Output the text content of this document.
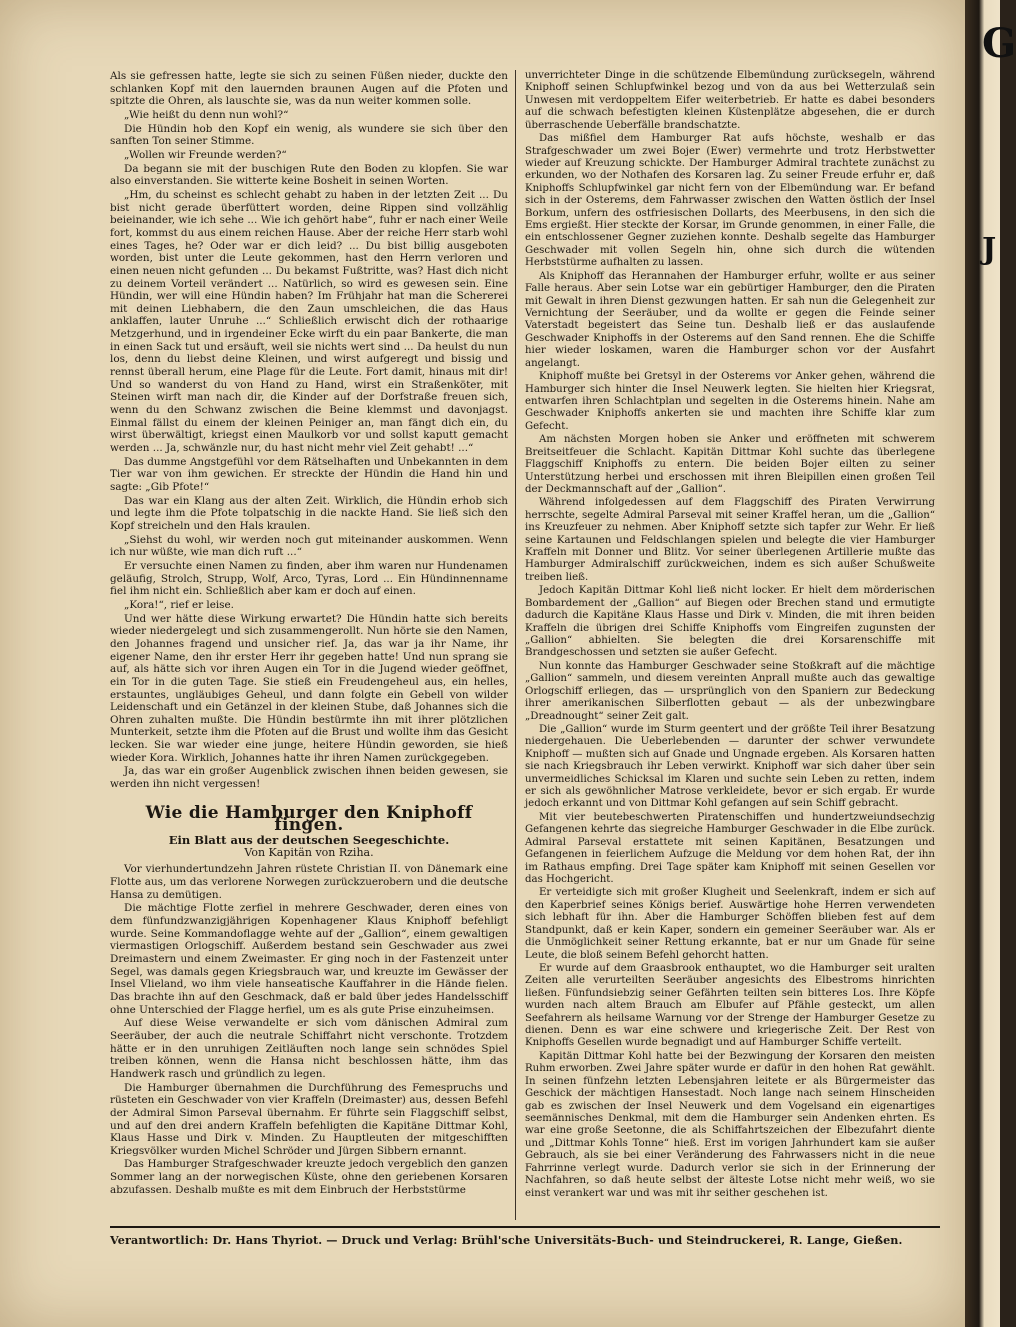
Als sie gefressen hatte, legte sie sich zu seinen Füßen nieder, duckte den schlanken Kopf mit den lauernden braunen Augen auf die Pfoten und spitzte die Ohren, als lauschte sie, was da nun weiter kommen solle.

„Wie heißt du denn nun wohl?“

Die Hündin hob den Kopf ein wenig, als wundere sie sich über den sanften Ton seiner Stimme.

„Wollen wir Freunde werden?“

Da begann sie mit der buschigen Rute den Boden zu klopfen. Sie war also einverstanden. Sie witterte keine Bosheit in seinen Worten.

„Hm, du scheinst es schlecht gehabt zu haben in der letzten Zeit ... Du bist nicht gerade überfüttert worden, deine Rippen sind vollzählig beieinander, wie ich sehe ... Wie ich gehört habe“, fuhr er nach einer Weile fort, kommst du aus einem reichen Hause. Aber der reiche Herr starb wohl eines Tages, he? Oder war er dich leid? ... Du bist billig ausgeboten worden, bist unter die Leute gekommen, hast den Herrn verloren und einen neuen nicht gefunden ... Du bekamst Fußtritte, was? Hast dich nicht zu deinem Vorteil verändert ... Natürlich, so wird es gewesen sein. Eine Hündin, wer will eine Hündin haben? Im Frühjahr hat man die Schererei mit deinen Liebhabern, die den Zaun umschleichen, die das Haus anklaffen, lauter Unruhe ...“ Schließlich erwischt dich der rothaarige Metzgerhund, und in irgendeiner Ecke wirft du ein paar Bankerte, die man in einen Sack tut und ersäuft, weil sie nichts wert sind ... Da heulst du nun los, denn du liebst deine Kleinen, und wirst aufgeregt und bissig und rennst überall herum, eine Plage für die Leute. Fort damit, hinaus mit dir! Und so wanderst du von Hand zu Hand, wirst ein Straßenköter, mit Steinen wirft man nach dir, die Kinder auf der Dorfstraße freuen sich, wenn du den Schwanz zwischen die Beine klemmst und davonjagst. Einmal fällst du einem der kleinen Peiniger an, man fängt dich ein, du wirst überwältigt, kriegst einen Maulkorb vor und sollst kaputt gemacht werden ... Ja, schwänzle nur, du hast nicht mehr viel Zeit gehabt! ...“

Das dumme Angstgefühl vor dem Rätselhaften und Unbekannten in dem Tier war von ihm gewichen. Er streckte der Hündin die Hand hin und sagte: „Gib Pfote!“

Das war ein Klang aus der alten Zeit. Wirklich, die Hündin erhob sich und legte ihm die Pfote tolpatschig in die nackte Hand. Sie ließ sich den Kopf streicheln und den Hals kraulen.

„Siehst du wohl, wir werden noch gut miteinander auskommen. Wenn ich nur wüßte, wie man dich ruft ...“

Er versuchte einen Namen zu finden, aber ihm waren nur Hundenamen geläufig, Strolch, Strupp, Wolf, Arco, Tyras, Lord ... Ein Hündinnenname fiel ihm nicht ein. Schließlich aber kam er doch auf einen.

„Kora!“, rief er leise.

Und wer hätte diese Wirkung erwartet? Die Hündin hatte sich bereits wieder niedergelegt und sich zusammengerollt. Nun hörte sie den Namen, den Johannes fragend und unsicher rief. Ja, das war ja ihr Name, ihr eigener Name, den ihr erster Herr ihr gegeben hatte! Und nun sprang sie auf, als hätte sich vor ihren Augen ein Tor in die Jugend wieder geöffnet, ein Tor in die guten Tage. Sie stieß ein Freudengeheul aus, ein helles, erstauntes, ungläubiges Geheul, und dann folgte ein Gebell von wilder Leidenschaft und ein Getänzel in der kleinen Stube, daß Johannes sich die Ohren zuhalten mußte. Die Hündin bestürmte ihn mit ihrer plötzlichen Munterkeit, setzte ihm die Pfoten auf die Brust und wollte ihm das Gesicht lecken. Sie war wieder eine junge, heitere Hündin geworden, sie hieß wieder Kora. Wirklich, Johannes hatte ihr ihren Namen zurückgegeben.

Ja, das war ein großer Augenblick zwischen ihnen beiden gewesen, sie werden ihn nicht vergessen!

Wie die Hamburger den Kniphoff fingen.
Ein Blatt aus der deutschen Seegeschichte.
Von Kapitän von Rziha.

Vor vierhundertundzehn Jahren rüstete Christian II. von Dänemark eine Flotte aus, um das verlorene Norwegen zurückzuerobern und die deutsche Hansa zu demütigen.

Die mächtige Flotte zerfiel in mehrere Geschwader, deren eines von dem fünfundzwanzigjährigen Kopenhagener Klaus Kniphoff befehligt wurde. Seine Kommandoflagge wehte auf der „Gallion“, einem gewaltigen viermastigen Orlogschiff. Außerdem bestand sein Geschwader aus zwei Dreimastern und einem Zweimaster. Er ging noch in der Fastenzeit unter Segel, was damals gegen Kriegsbrauch war, und kreuzte im Gewässer der Insel Vlieland, wo ihm viele hanseatische Kauffahrer in die Hände fielen. Das brachte ihn auf den Geschmack, daß er bald über jedes Handelsschiff ohne Unterschied der Flagge herfiel, um es als gute Prise einzuheimsen.

Auf diese Weise verwandelte er sich vom dänischen Admiral zum Seeräuber, der auch die neutrale Schiffahrt nicht verschonte. Trotzdem hätte er in den unruhigen Zeitläuften noch lange sein schnödes Spiel treiben können, wenn die Hansa nicht beschlossen hätte, ihm das Handwerk rasch und gründlich zu legen.

Die Hamburger übernahmen die Durchführung des Femespruchs und rüsteten ein Geschwader von vier Kraffeln (Dreimaster) aus, dessen Befehl der Admiral Simon Parseval übernahm. Er führte sein Flaggschiff selbst, und auf den drei andern Kraffeln befehligten die Kapitäne Dittmar Kohl, Klaus Hasse und Dirk v. Minden. Zu Hauptleuten der mitgeschifften Kriegsvölker wurden Michel Schröder und Jürgen Sibbern ernannt.

Das Hamburger Strafgeschwader kreuzte jedoch vergeblich den ganzen Sommer lang an der norwegischen Küste, ohne den geriebenen Korsaren abzufassen. Deshalb mußte es mit dem Einbruch der Herbststürme

unverrichteter Dinge in die schützende Elbemündung zurücksegeln, während Kniphoff seinen Schlupfwinkel bezog und von da aus bei Wetterzulaß sein Unwesen mit verdoppeltem Eifer weiterbetrieb. Er hatte es dabei besonders auf die schwach befestigten kleinen Küstenplätze abgesehen, die er durch überraschende Ueberfälle brandschatzte.

Das mißfiel dem Hamburger Rat aufs höchste, weshalb er das Strafgeschwader um zwei Bojer (Ewer) vermehrte und trotz Herbstwetter wieder auf Kreuzung schickte. Der Hamburger Admiral trachtete zunächst zu erkunden, wo der Nothafen des Korsaren lag. Zu seiner Freude erfuhr er, daß Kniphoffs Schlupfwinkel gar nicht fern von der Elbemündung war. Er befand sich in der Osterems, dem Fahrwasser zwischen den Watten östlich der Insel Borkum, unfern des ostfriesischen Dollarts, des Meerbusens, in den sich die Ems ergießt. Hier steckte der Korsar, im Grunde genommen, in einer Falle, die ein entschlossener Gegner zuziehen konnte. Deshalb segelte das Hamburger Geschwader mit vollen Segeln hin, ohne sich durch die wütenden Herbststürme aufhalten zu lassen.

Als Kniphoff das Herannahen der Hamburger erfuhr, wollte er aus seiner Falle heraus. Aber sein Lotse war ein gebürtiger Hamburger, den die Piraten mit Gewalt in ihren Dienst gezwungen hatten. Er sah nun die Gelegenheit zur Vernichtung der Seeräuber, und da wollte er gegen die Feinde seiner Vaterstadt begeistert das Seine tun. Deshalb ließ er das auslaufende Geschwader Kniphoffs in der Osterems auf den Sand rennen. Ehe die Schiffe hier wieder loskamen, waren die Hamburger schon vor der Ausfahrt angelangt.

Kniphoff mußte bei Gretsyl in der Osterems vor Anker gehen, während die Hamburger sich hinter die Insel Neuwerk legten. Sie hielten hier Kriegsrat, entwarfen ihren Schlachtplan und segelten in die Osterems hinein. Nahe am Geschwader Kniphoffs ankerten sie und machten ihre Schiffe klar zum Gefecht.

Am nächsten Morgen hoben sie Anker und eröffneten mit schwerem Breitseitfeuer die Schlacht. Kapitän Dittmar Kohl suchte das überlegene Flaggschiff Kniphoffs zu entern. Die beiden Bojer eilten zu seiner Unterstützung herbei und erschossen mit ihren Bleipillen einen großen Teil der Deckmannschaft auf der „Gallion“.

Während infolgedessen auf dem Flaggschiff des Piraten Verwirrung herrschte, segelte Admiral Parseval mit seiner Kraffel heran, um die „Gallion“ ins Kreuzfeuer zu nehmen. Aber Kniphoff setzte sich tapfer zur Wehr. Er ließ seine Kartaunen und Feldschlangen spielen und belegte die vier Hamburger Kraffeln mit Donner und Blitz. Vor seiner überlegenen Artillerie mußte das Hamburger Admiralschiff zurückweichen, indem es sich außer Schußweite treiben ließ.

Jedoch Kapitän Dittmar Kohl ließ nicht locker. Er hielt dem mörderischen Bombardement der „Gallion“ auf Biegen oder Brechen stand und ermutigte dadurch die Kapitäne Klaus Hasse und Dirk v. Minden, die mit ihren beiden Kraffeln die übrigen drei Schiffe Kniphoffs vom Eingreifen zugunsten der „Gallion“ abhielten. Sie belegten die drei Korsarenschiffe mit Brandgeschossen und setzten sie außer Gefecht.

Nun konnte das Hamburger Geschwader seine Stoßkraft auf die mächtige „Gallion“ sammeln, und diesem vereinten Anprall mußte auch das gewaltige Orlogschiff erliegen, das — ursprünglich von den Spaniern zur Bedeckung ihrer amerikanischen Silberflotten gebaut — als der unbezwingbare „Dreadnought“ seiner Zeit galt.

Die „Gallion“ wurde im Sturm geentert und der größte Teil ihrer Besatzung niedergehauen. Die Ueberlebenden — darunter der schwer verwundete Kniphoff — mußten sich auf Gnade und Ungnade ergeben. Als Korsaren hatten sie nach Kriegsbrauch ihr Leben verwirkt. Kniphoff war sich daher über sein unvermeidliches Schicksal im Klaren und suchte sein Leben zu retten, indem er sich als gewöhnlicher Matrose verkleidete, bevor er sich ergab. Er wurde jedoch erkannt und von Dittmar Kohl gefangen auf sein Schiff gebracht.

Mit vier beutebeschwerten Piratenschiffen und hundertzweiundsechzig Gefangenen kehrte das siegreiche Hamburger Geschwader in die Elbe zurück. Admiral Parseval erstattete mit seinen Kapitänen, Besatzungen und Gefangenen in feierlichem Aufzuge die Meldung vor dem hohen Rat, der ihn im Rathaus empfing. Drei Tage später kam Kniphoff mit seinen Gesellen vor das Hochgericht.

Er verteidigte sich mit großer Klugheit und Seelenkraft, indem er sich auf den Kaperbrief seines Königs berief. Auswärtige hohe Herren verwendeten sich lebhaft für ihn. Aber die Hamburger Schöffen blieben fest auf dem Standpunkt, daß er kein Kaper, sondern ein gemeiner Seeräuber war. Als er die Unmöglichkeit seiner Rettung erkannte, bat er nur um Gnade für seine Leute, die bloß seinem Befehl gehorcht hatten.

Er wurde auf dem Graasbrook enthauptet, wo die Hamburger seit uralten Zeiten alle verurteilten Seeräuber angesichts des Elbestroms hinrichten ließen. Fünfundsiebzig seiner Gefährten teilten sein bitteres Los. Ihre Köpfe wurden nach altem Brauch am Elbufer auf Pfähle gesteckt, um allen Seefahrern als heilsame Warnung vor der Strenge der Hamburger Gesetze zu dienen. Denn es war eine schwere und kriegerische Zeit. Der Rest von Kniphoffs Gesellen wurde begnadigt und auf Hamburger Schiffe verteilt.

Kapitän Dittmar Kohl hatte bei der Bezwingung der Korsaren den meisten Ruhm erworben. Zwei Jahre später wurde er dafür in den hohen Rat gewählt. In seinen fünfzehn letzten Lebensjahren leitete er als Bürgermeister das Geschick der mächtigen Hansestadt. Noch lange nach seinem Hinscheiden gab es zwischen der Insel Neuwerk und dem Vogelsand ein eigenartiges seemännisches Denkmal, mit dem die Hamburger sein Andenken ehrten. Es war eine große Seetonne, die als Schiffahrtszeichen der Elbezufahrt diente und „Dittmar Kohls Tonne“ hieß. Erst im vorigen Jahrhundert kam sie außer Gebrauch, als sie bei einer Veränderung des Fahrwassers nicht in die neue Fahrrinne verlegt wurde. Dadurch verlor sie sich in der Erinnerung der Nachfahren, so daß heute selbst der älteste Lotse nicht mehr weiß, wo sie einst verankert war und was mit ihr seither geschehen ist.

Verantwortlich: Dr. Hans Thyriot. — Druck und Verlag: Brühl'sche Universitäts-Buch- und Steindruckerei, R. Lange, Gießen.
G
J
